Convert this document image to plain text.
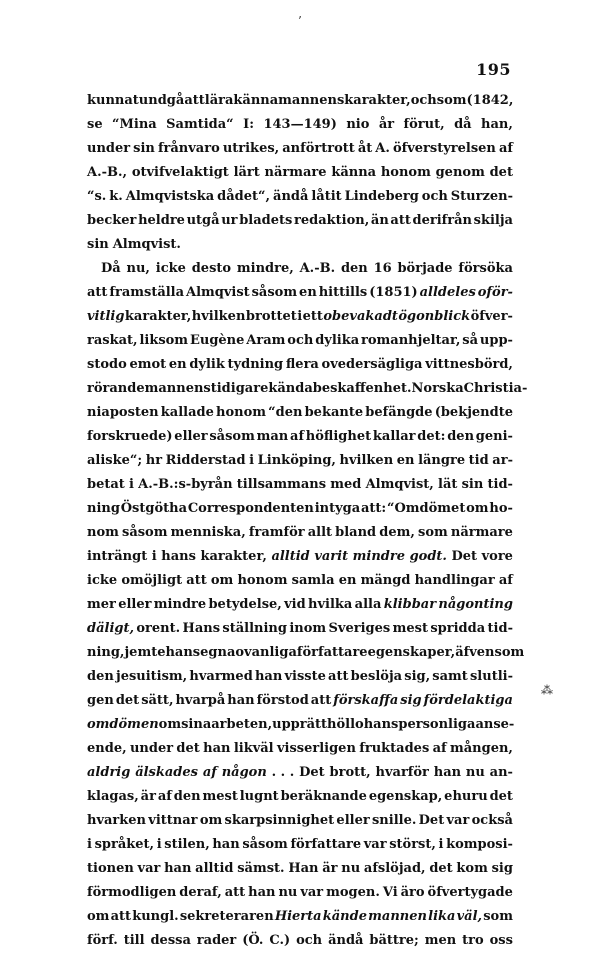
195
kunnat undgå att lära känna mannens karakter, och som (1842,
se “Mina Samtida“ I: 143—149) nio år förut, då han,
under sin frånvaro utrikes, anförtrott åt A. öfverstyrelsen af
A.-B., otvifvelaktigt lärt närmare känna honom genom det
“s. k. Almqvistska dådet“, ändå låtit Lindeberg och Sturzen-
becker heldre utgå ur bladets redaktion, än att derifrån skilja
sin Almqvist.
Då nu, icke desto mindre, A.-B. den 16 började försöka
att framställa Almqvist såsom en hittills (1851) alldeles oför-
vitlig karakter, hvilken brottet i ett obevakadt ögonblick öfver-
raskat, liksom Eugène Aram och dylika romanhjeltar, så upp-
stodo emot en dylik tydning flera ovedersägliga vittnesbörd,
rörande mannens tidigare kända beskaffenhet. Norska Christia-
niaposten kallade honom “den bekante befängde (bekjendte
forskruede) eller såsom man af höflighet kallar det: den geni-
aliske“; hr Ridderstad i Linköping, hvilken en längre tid ar-
betat i A.-B.:s-byrån tillsammans med Almqvist, lät sin tid-
ning Östgötha Correspondenten intyga att: “Omdömet om ho-
nom såsom menniska, framför allt bland dem, som närmare
inträngt i hans karakter, alltid varit mindre godt. Det vore
icke omöjligt att om honom samla en mängd handlingar af
mer eller mindre betydelse, vid hvilka alla klibbar någonting
däligt, orent. Hans ställning inom Sveriges mest spridda tid-
ning, jemte hans egna ovanliga författareegenskaper, äfvensom
den jesuitism, hvarmed han visste att beslöja sig, samt slutli-
gen det sätt, hvarpå han förstod att förskaffa sig fördelaktiga
omdömen om sina arbeten, upprätthöllo hans personliga anse-
ende, under det han likväl visserligen fruktades af mången,
aldrig älskades af någon . . . Det brott, hvarför han nu an-
klagas, är af den mest lugnt beräknande egenskap, ehuru det
hvarken vittnar om skarpsinnighet eller snille. Det var också
i språket, i stilen, han såsom författare var störst, i komposi-
tionen var han alltid sämst. Han är nu afslöjad, det kom sig
förmodligen deraf, att han nu var mogen. Vi äro öfvertygade
om att kungl. sekreteraren Hierta kände mannen lika väl, som
förf. till dessa rader (Ö. C.) och ändå bättre; men tro oss
’
⁂
